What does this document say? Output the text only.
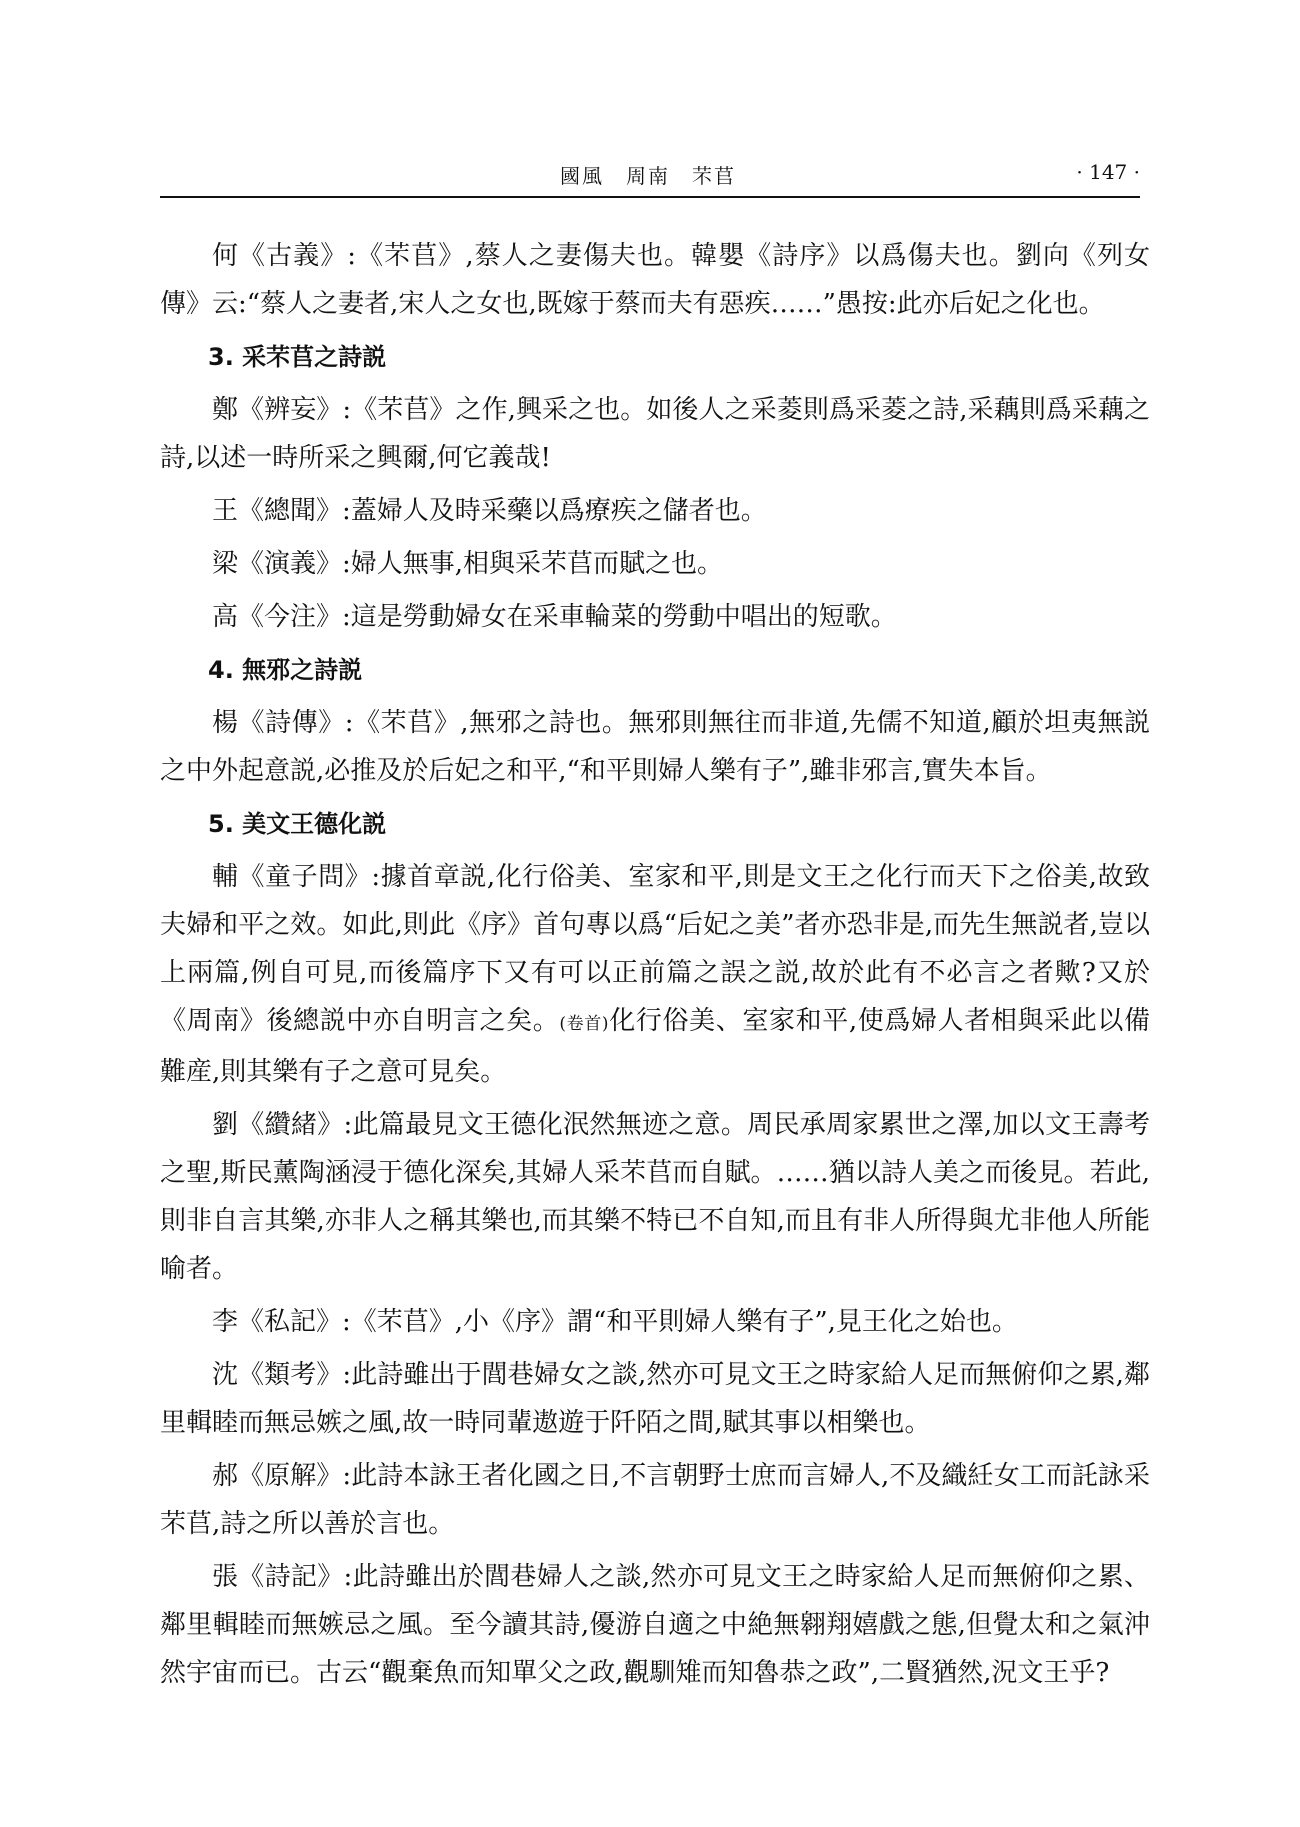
國風　周南　芣苢	· 147 ·

何《古義》:《芣苢》,蔡人之妻傷夫也。韓嬰《詩序》以爲傷夫也。劉向《列女傳》云:“蔡人之妻者,宋人之女也,既嫁于蔡而夫有惡疾……”愚按:此亦后妃之化也。

3. 采芣苢之詩説

鄭《辨妄》:《芣苢》之作,興采之也。如後人之采菱則爲采菱之詩,采藕則爲采藕之詩,以述一時所采之興爾,何它義哉!

王《總聞》:蓋婦人及時采藥以爲療疾之儲者也。

梁《演義》:婦人無事,相與采芣苢而賦之也。

高《今注》:這是勞動婦女在采車輪菜的勞動中唱出的短歌。

4. 無邪之詩説

楊《詩傳》:《芣苢》,無邪之詩也。無邪則無往而非道,先儒不知道,顧於坦夷無説之中外起意説,必推及於后妃之和平,“和平則婦人樂有子”,雖非邪言,實失本旨。

5. 美文王德化説

輔《童子問》:據首章説,化行俗美、室家和平,則是文王之化行而天下之俗美,故致夫婦和平之效。如此,則此《序》首句專以爲“后妃之美”者亦恐非是,而先生無説者,豈以上兩篇,例自可見,而後篇序下又有可以正前篇之誤之説,故於此有不必言之者歟?又於《周南》後總説中亦自明言之矣。(卷首)化行俗美、室家和平,使爲婦人者相與采此以備難産,則其樂有子之意可見矣。

劉《纘緒》:此篇最見文王德化泯然無迹之意。周民承周家累世之澤,加以文王壽考之聖,斯民薰陶涵浸于德化深矣,其婦人采芣苢而自賦。……猶以詩人美之而後見。若此,則非自言其樂,亦非人之稱其樂也,而其樂不特已不自知,而且有非人所得與尤非他人所能喻者。

李《私記》:《芣苢》,小《序》謂“和平則婦人樂有子”,見王化之始也。

沈《類考》:此詩雖出于閭巷婦女之談,然亦可見文王之時家給人足而無俯仰之累,鄰里輯睦而無忌嫉之風,故一時同輩遨遊于阡陌之間,賦其事以相樂也。

郝《原解》:此詩本詠王者化國之日,不言朝野士庶而言婦人,不及織紝女工而託詠采芣苢,詩之所以善於言也。

張《詩記》:此詩雖出於閭巷婦人之談,然亦可見文王之時家給人足而無俯仰之累、鄰里輯睦而無嫉忌之風。至今讀其詩,優游自適之中絶無翱翔嬉戲之態,但覺太和之氣沖然宇宙而已。古云“觀棄魚而知單父之政,觀馴雉而知魯恭之政”,二賢猶然,況文王乎?
